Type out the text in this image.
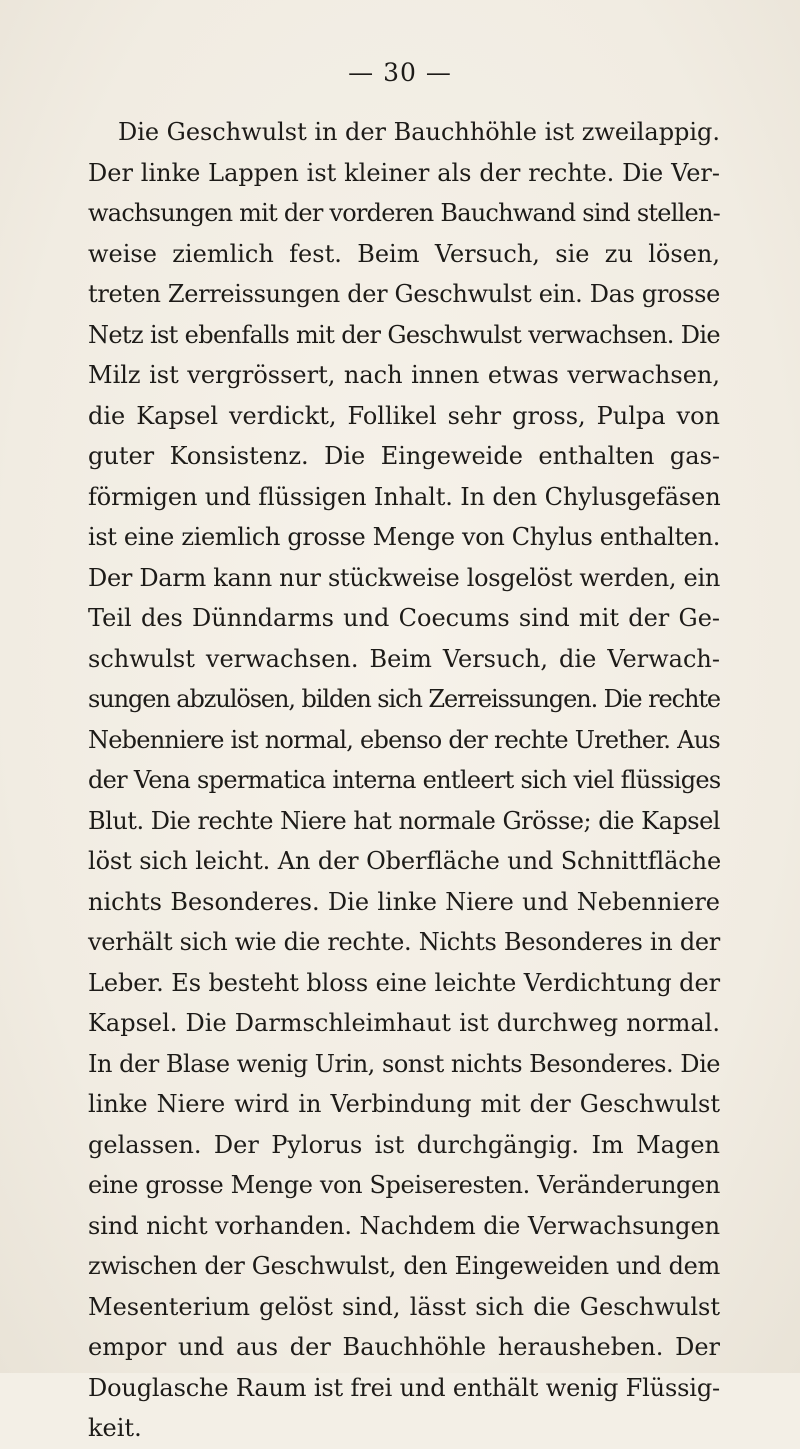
— 30 —

Die Geschwulst in der Bauchhöhle ist zweilappig.
Der linke Lappen ist kleiner als der rechte. Die Ver-
wachsungen mit der vorderen Bauchwand sind stellen-
weise ziemlich fest. Beim Versuch, sie zu lösen,
treten Zerreissungen der Geschwulst ein. Das grosse
Netz ist ebenfalls mit der Geschwulst verwachsen. Die
Milz ist vergrössert, nach innen etwas verwachsen,
die Kapsel verdickt, Follikel sehr gross, Pulpa von
guter Konsistenz. Die Eingeweide enthalten gas-
förmigen und flüssigen Inhalt. In den Chylusgefäsen
ist eine ziemlich grosse Menge von Chylus enthalten.
Der Darm kann nur stückweise losgelöst werden, ein
Teil des Dünndarms und Coecums sind mit der Ge-
schwulst verwachsen. Beim Versuch, die Verwach-
sungen abzulösen, bilden sich Zerreissungen. Die rechte
Nebenniere ist normal, ebenso der rechte Urether. Aus
der Vena spermatica interna entleert sich viel flüssiges
Blut. Die rechte Niere hat normale Grösse; die Kapsel
löst sich leicht. An der Oberfläche und Schnittfläche
nichts Besonderes. Die linke Niere und Nebenniere
verhält sich wie die rechte. Nichts Besonderes in der
Leber. Es besteht bloss eine leichte Verdichtung der
Kapsel. Die Darmschleimhaut ist durchweg normal.
In der Blase wenig Urin, sonst nichts Besonderes. Die
linke Niere wird in Verbindung mit der Geschwulst
gelassen. Der Pylorus ist durchgängig. Im Magen
eine grosse Menge von Speiseresten. Veränderungen
sind nicht vorhanden. Nachdem die Verwachsungen
zwischen der Geschwulst, den Eingeweiden und dem
Mesenterium gelöst sind, lässt sich die Geschwulst
empor und aus der Bauchhöhle herausheben. Der
Douglasche Raum ist frei und enthält wenig Flüssig-
keit.
